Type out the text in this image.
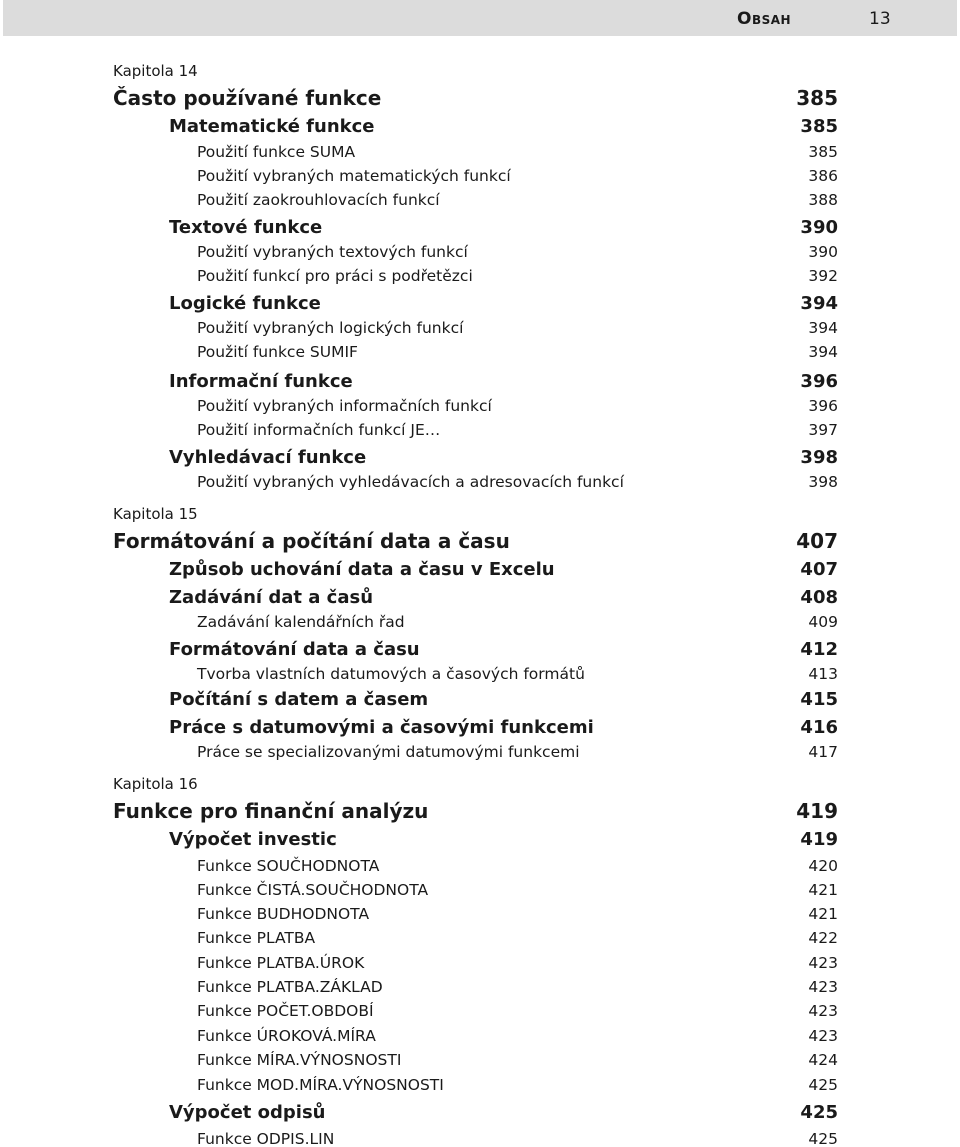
Obsah	13
Kapitola 14
Často používané funkce	385
Matematické funkce	385
Použití funkce SUMA	385
Použití vybraných matematických funkcí	386
Použití zaokrouhlovacích funkcí	388
Textové funkce	390
Použití vybraných textových funkcí	390
Použití funkcí pro práci s podřetězci	392
Logické funkce	394
Použití vybraných logických funkcí	394
Použití funkce SUMIF	394
Informační funkce	396
Použití vybraných informačních funkcí	396
Použití informačních funkcí JE…	397
Vyhledávací funkce	398
Použití vybraných vyhledávacích a adresovacích funkcí	398
Kapitola 15
Formátování a počítání data a času	407
Způsob uchování data a času v Excelu	407
Zadávání dat a časů	408
Zadávání kalendářních řad	409
Formátování data a času	412
Tvorba vlastních datumových a časových formátů	413
Počítání s datem a časem	415
Práce s datumovými a časovými funkcemi	416
Práce se specializovanými datumovými funkcemi	417
Kapitola 16
Funkce pro finanční analýzu	419
Výpočet investic	419
Funkce SOUČHODNOTA	420
Funkce ČISTÁ.SOUČHODNOTA	421
Funkce BUDHODNOTA	421
Funkce PLATBA	422
Funkce PLATBA.ÚROK	423
Funkce PLATBA.ZÁKLAD	423
Funkce POČET.OBDOBÍ	423
Funkce ÚROKOVÁ.MÍRA	423
Funkce MÍRA.VÝNOSNOSTI	424
Funkce MOD.MÍRA.VÝNOSNOSTI	425
Výpočet odpisů	425
Funkce ODPIS.LIN	425
